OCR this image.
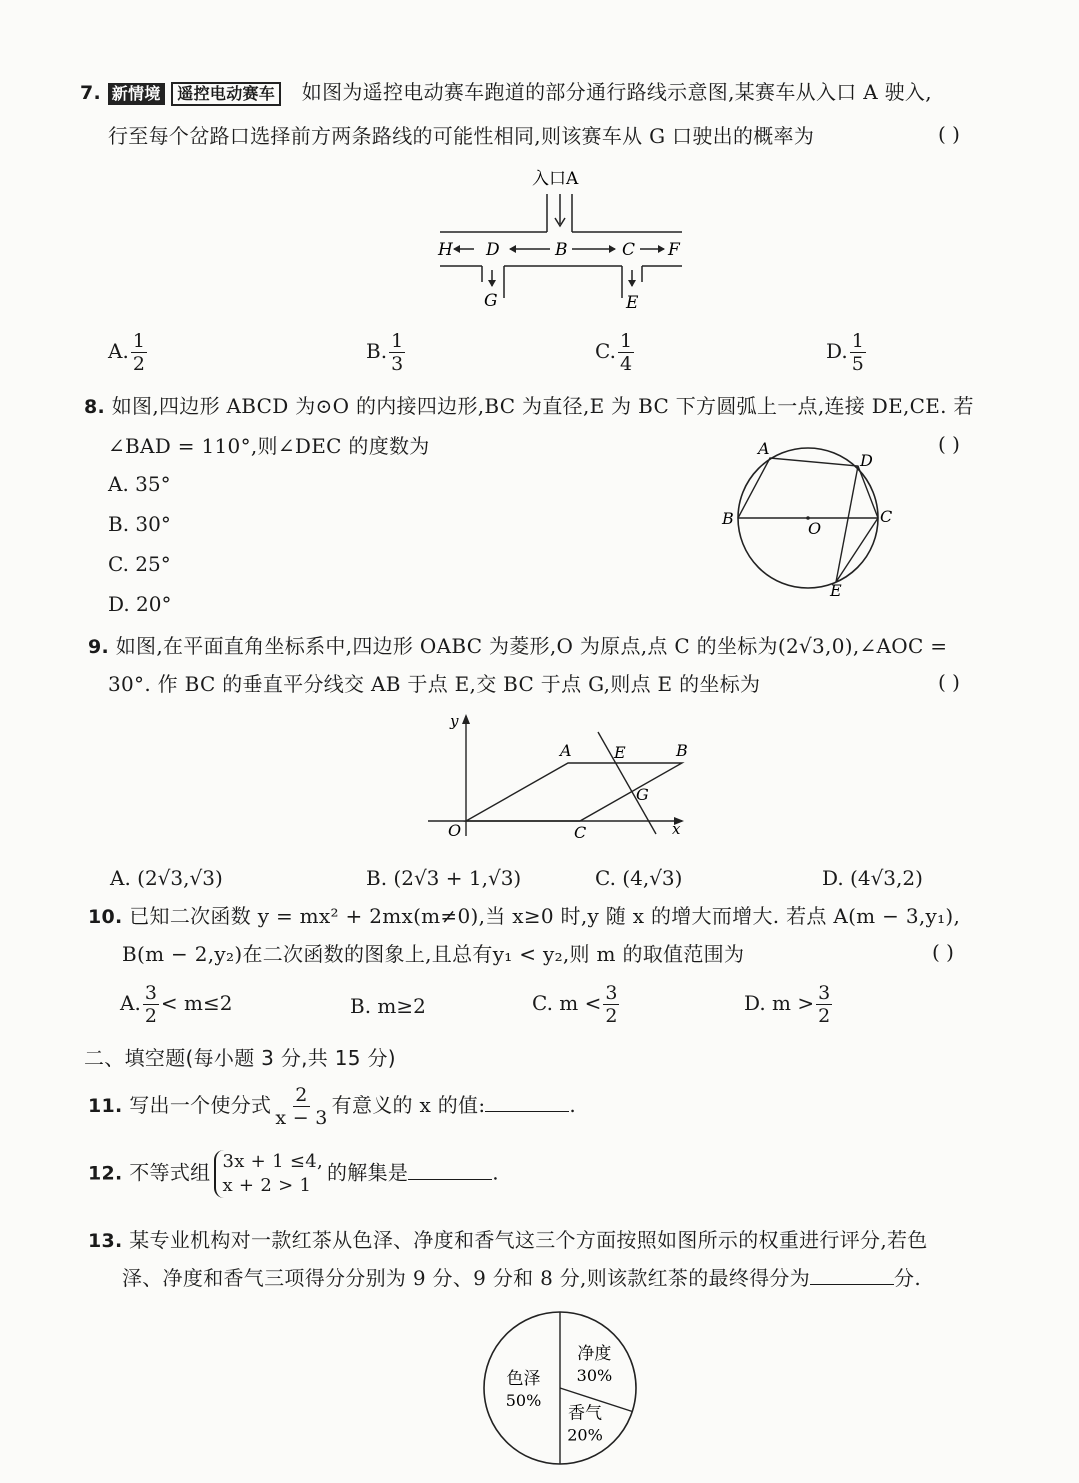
7. 新情境 遥控电动赛车 如图为遥控电动赛车跑道的部分通行路线示意图,某赛车从入口 A 驶入,
行至每个岔路口选择前方两条路线的可能性相同,则该赛车从 G 口驶出的概率为	( )
入口A
H D	B	C F
G	E
A. $\frac{1}{2}$	B. $\frac{1}{3}$	C. $\frac{1}{4}$	D. $\frac{1}{5}$
8. 如图,四边形 ABCD 为⊙O 的内接四边形,BC 为直径,E 为 BC 下方圆弧上一点,连接 DE,CE. 若
∠BAD = 110°,则∠DEC 的度数为	( )
A. 35°
B. 30°
C. 25°
D. 20°
A
D
B
O
C
E
9. 如图,在平面直角坐标系中,四边形 OABC 为菱形,O 为原点,点 C 的坐标为(2√3,0),∠AOC =
30°. 作 BC 的垂直平分线交 AB 于点 E,交 BC 于点 G,则点 E 的坐标为	( )
y
x
O
A	E	B
G
C
A. (2√3,√3)	B. (2√3 + 1,√3)	C. (4,√3)	D. (4√3,2)
10. 已知二次函数 y = mx² + 2mx(m≠0),当 x≥0 时,y 随 x 的增大而增大. 若点 A(m − 3,y₁),
B(m − 2,y₂)在二次函数的图象上,且总有y₁ < y₂,则 m 的取值范围为	( )
A. $\frac{3}{2} < m\le 2$	B. m≥2	C. $m < \frac{3}{2}$	D. $m > \frac{3}{2}$
二、填空题(每小题 3 分,共 15 分)
11. 写出一个使分式 $\frac{2}{x - 3}$ 有意义的 x 的值:	.
12. 不等式组 3x + 1 ≤4,
x + 2 > 1
的解集是	.
13. 某专业机构对一款红茶从色泽、净度和香气这三个方面按照如图所示的权重进行评分,若色
泽、净度和香气三项得分分别为 9 分、9 分和 8 分,则该款红茶的最终得分为	分.
净度
30%
香气
20%
色泽
50%
